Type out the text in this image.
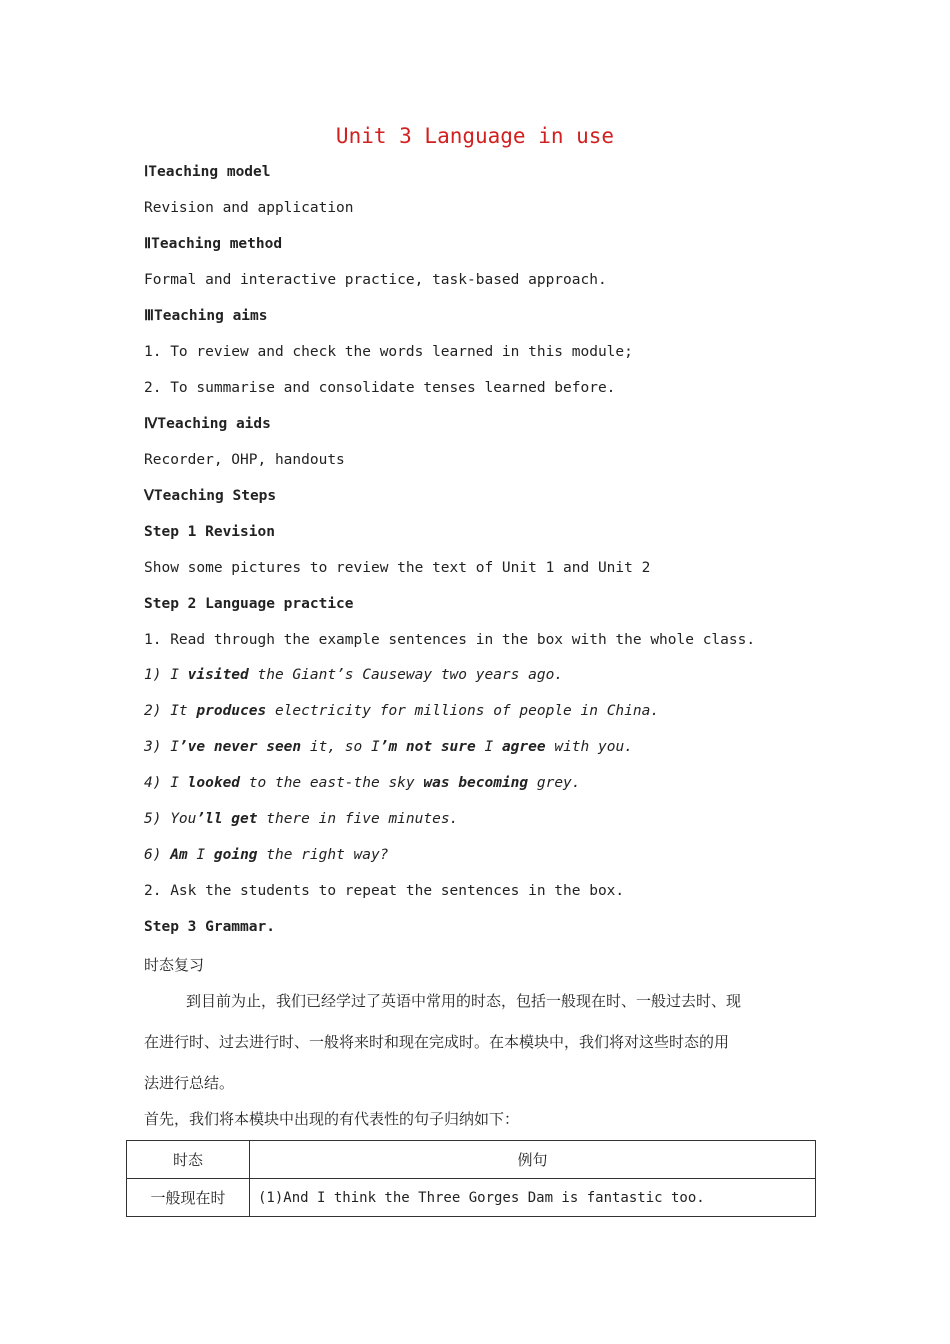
Unit 3 Language in use
ⅠTeaching model
Revision and application
ⅡTeaching method
Formal and interactive practice, task-based approach.
ⅢTeaching aims
1. To review and check the words learned in this module;
2. To summarise and consolidate tenses learned before.
ⅣTeaching aids
Recorder, OHP, handouts
ⅤTeaching Steps
Step 1 Revision
Show some pictures to review the text of Unit 1 and Unit 2
Step 2 Language practice
1. Read through the example sentences in the box with the whole class.
1) I visited the Giant’s Causeway two years ago.
2) It produces electricity for millions of people in China.
3) I’ve never seen it, so I’m not sure I agree with you.
4) I looked to the east-the sky was becoming grey.
5) You’ll get there in five minutes.
6) Am I going the right way?
2. Ask the students to repeat the sentences in the box.
Step 3 Grammar.
时态复习
到目前为止，我们已经学过了英语中常用的时态，包括一般现在时、一般过去时、现
在进行时、过去进行时、一般将来时和现在完成时。在本模块中，我们将对这些时态的用
法进行总结。
首先，我们将本模块中出现的有代表性的句子归纳如下：
时态	例句
一般现在时	(1)And I think the Three Gorges Dam is fantastic too.
